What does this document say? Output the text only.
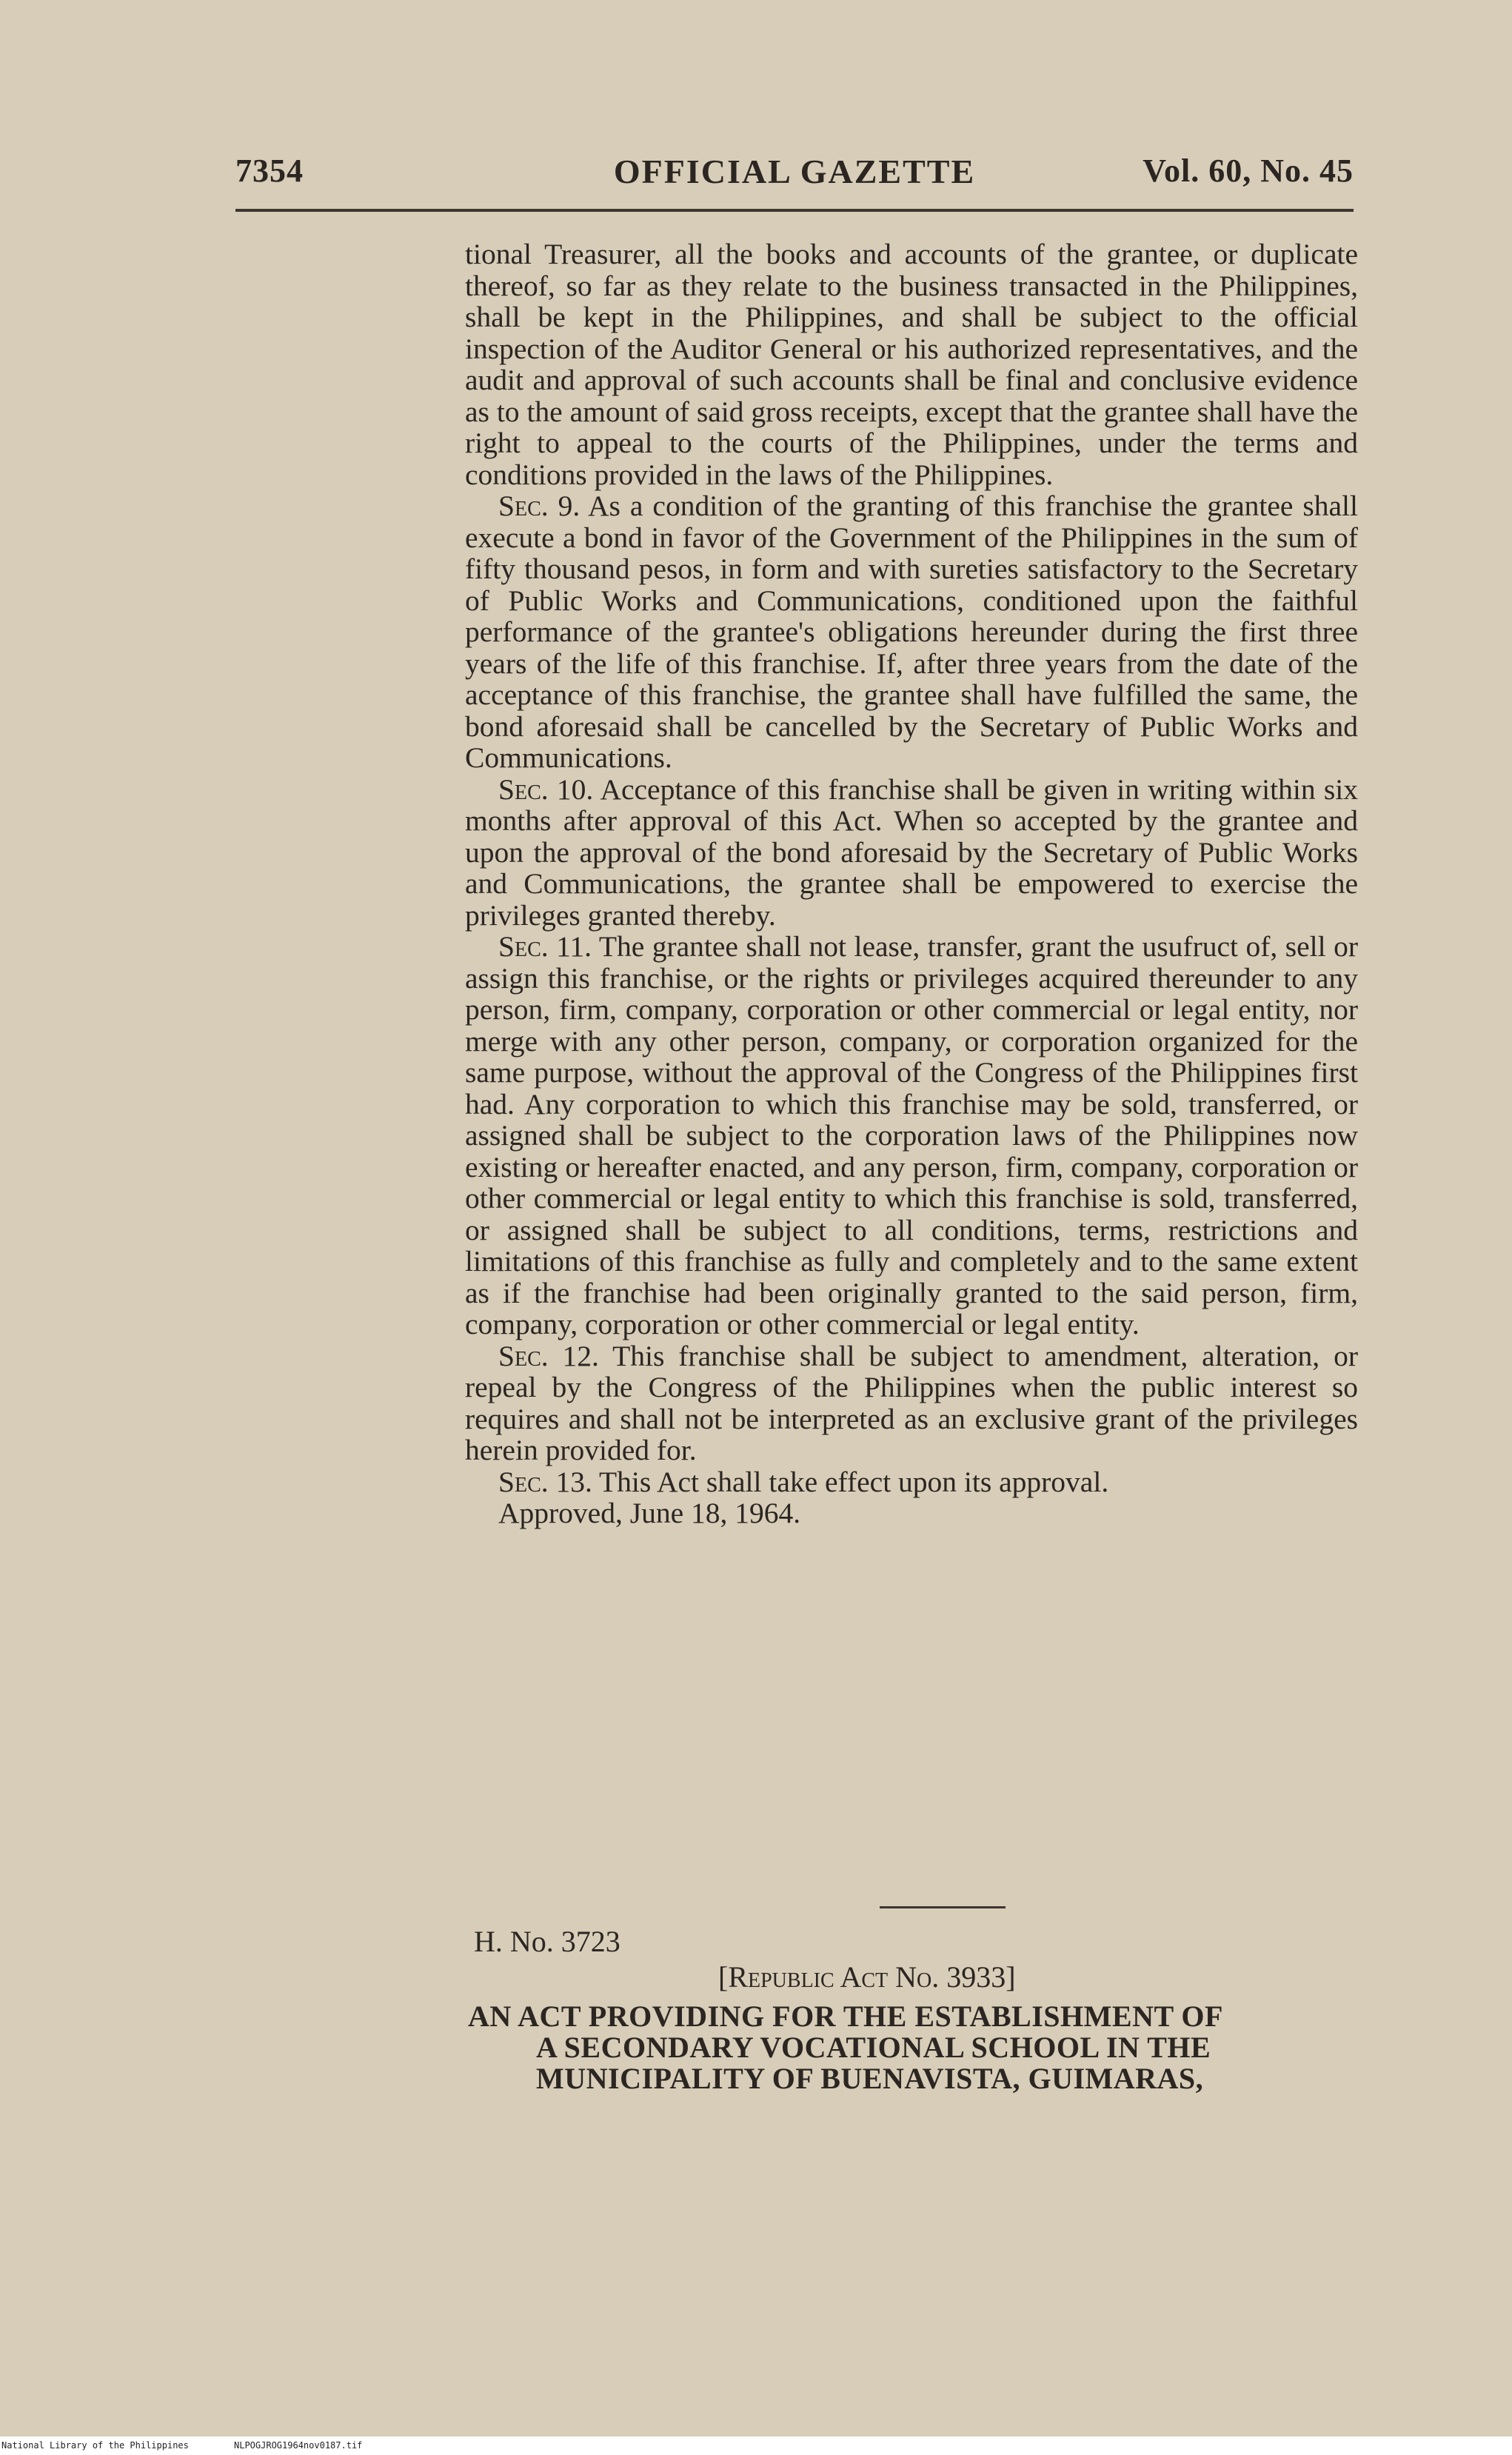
7354	OFFICIAL GAZETTE	Vol. 60, No. 45

tional Treasurer, all the books and accounts of the grantee, or duplicate thereof, so far as they relate to the business transacted in the Philippines, shall be kept in the Philippines, and shall be subject to the official inspection of the Auditor General or his authorized representatives, and the audit and approval of such accounts shall be final and conclusive evidence as to the amount of said gross receipts, except that the grantee shall have the right to appeal to the courts of the Philippines, under the terms and conditions provided in the laws of the Philippines.

Sec. 9. As a condition of the granting of this franchise the grantee shall execute a bond in favor of the Government of the Philippines in the sum of fifty thousand pesos, in form and with sureties satisfactory to the Secretary of Public Works and Communications, conditioned upon the faithful performance of the grantee's obligations hereunder during the first three years of the life of this franchise. If, after three years from the date of the acceptance of this franchise, the grantee shall have fulfilled the same, the bond aforesaid shall be cancelled by the Secretary of Public Works and Communications.

Sec. 10. Acceptance of this franchise shall be given in writing within six months after approval of this Act. When so accepted by the grantee and upon the approval of the bond aforesaid by the Secretary of Public Works and Communications, the grantee shall be empowered to exercise the privileges granted thereby.

Sec. 11. The grantee shall not lease, transfer, grant the usufruct of, sell or assign this franchise, or the rights or privileges acquired thereunder to any person, firm, company, corporation or other commercial or legal entity, nor merge with any other person, company, or corporation organized for the same purpose, without the approval of the Congress of the Philippines first had. Any corporation to which this franchise may be sold, transferred, or assigned shall be subject to the corporation laws of the Philippines now existing or hereafter enacted, and any person, firm, company, corporation or other commercial or legal entity to which this franchise is sold, transferred, or assigned shall be subject to all conditions, terms, restrictions and limitations of this franchise as fully and completely and to the same extent as if the franchise had been originally granted to the said person, firm, company, corporation or other commercial or legal entity.

Sec. 12. This franchise shall be subject to amendment, alteration, or repeal by the Congress of the Philippines when the public interest so requires and shall not be interpreted as an exclusive grant of the privileges herein provided for.

Sec. 13. This Act shall take effect upon its approval.

Approved, June 18, 1964.

H. No. 3723
[Republic Act No. 3933]
AN ACT PROVIDING FOR THE ESTABLISHMENT OF
A SECONDARY VOCATIONAL SCHOOL IN THE
MUNICIPALITY OF BUENAVISTA, GUIMARAS,
National Library of the Philippines	NLPOGJROG1964nov0187.tif
